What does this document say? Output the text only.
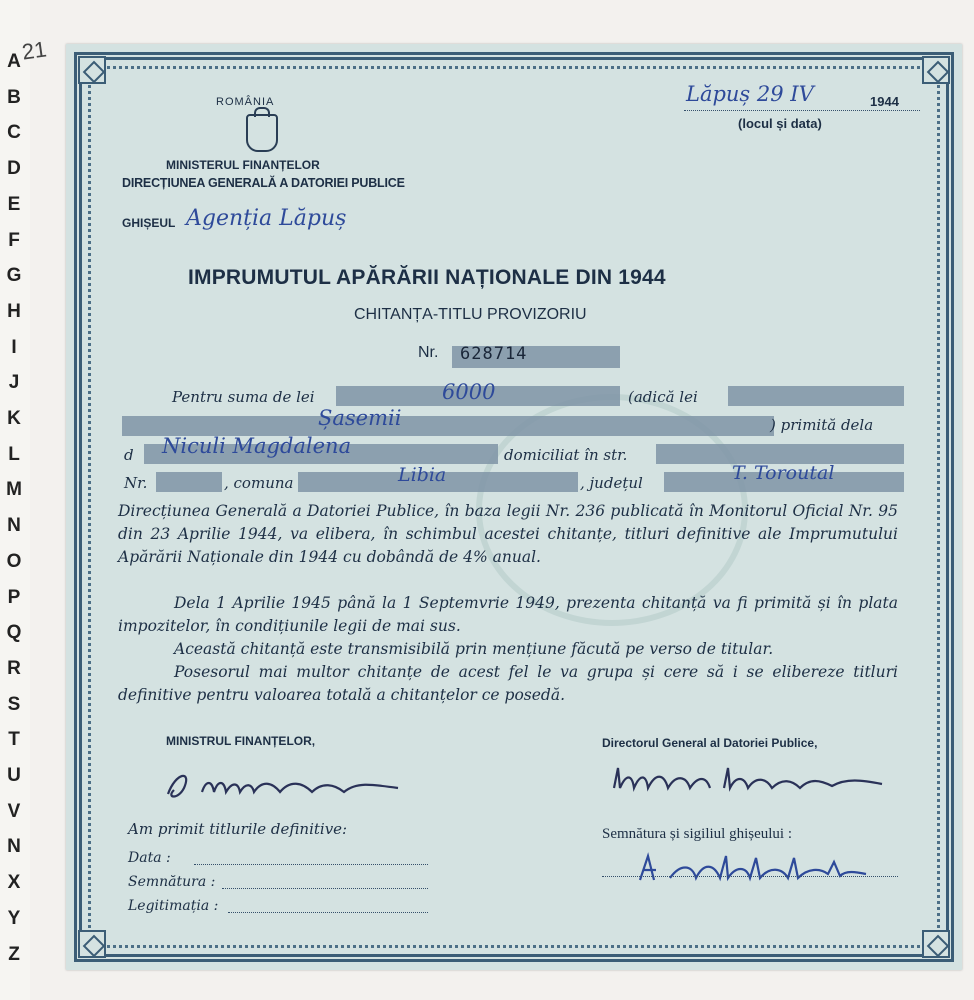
21
A
B
C
D
E
F
G
H
I
J
K
L
M
N
O
P
Q
R
S
T
U
V
N
X
Y
Z
ROMÂNIA
MINISTERUL FINANȚELOR
DIRECȚIUNEA GENERALĂ A DATORIEI PUBLICE
GHIȘEUL Agenția Lăpuș
Lăpuș 29 IV	1944
(locul și data)
IMPRUMUTUL APĂRĂRII NAȚIONALE DIN 1944
CHITANȚA-TITLU PROVIZORIU
Nr. 628714
Pentru suma de lei	6000	(adică lei
Șasemii	) primită dela
d Niculi Magdalena	domiciliat în str.
Nr.	, comuna	Libia	, județul	T. Toroutal
Direcțiunea Generală a Datoriei Publice, în baza legii Nr. 236 publicată în Monitorul Oficial Nr. 95 din 23 Aprilie 1944, va elibera, în schimbul acestei chitanțe, titluri definitive ale Imprumutului Apărării Naționale din 1944 cu dobândă de 4% anual.
Dela 1 Aprilie 1945 până la 1 Septemvrie 1949, prezenta chitanță va fi primită și în plata impozitelor, în condițiunile legii de mai sus.
Această chitanță este transmisibilă prin mențiune făcută pe verso de titular.
Posesorul mai multor chitanțe de acest fel le va grupa și cere să i se elibereze titluri definitive pentru valoarea totală a chitanțelor ce posedă.
MINISTRUL FINANȚELOR,	Directorul General al Datoriei Publice,
Am primit titlurile definitive:
Data :
Semnătura :
Legitimația :
Semnătura și sigiliul ghișeului :
